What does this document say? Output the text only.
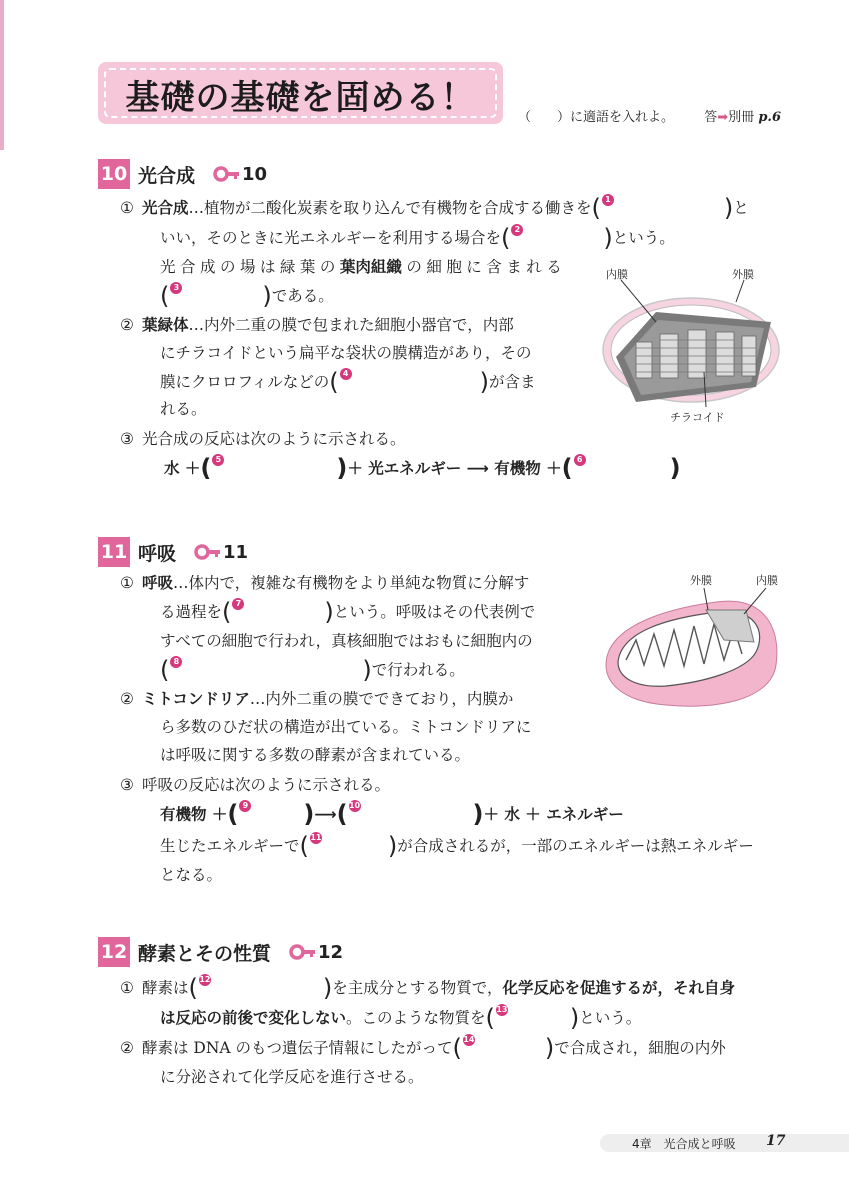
基礎の基礎を固める！	（　　）に適語を入れよ。 答➡別冊 p.6
10 光合成	10
① 光合成…植物が二酸化炭素を取り込んで有機物を合成する働きを ( 1	) と
いい，そのときに光エネルギーを利用する場合を ( 2	) という。
光 合 成 の 場 は 緑 葉 の 葉肉組織 の 細 胞 に 含 ま れ る
( 3	) である。
② 葉緑体…内外二重の膜で包まれた細胞小器官で，内部
にチラコイドという扁平な袋状の膜構造があり，その
膜にクロロフィルなどの ( 4	) が含ま
れる。
③ 光合成の反応は次のように示される。
水 ＋ ( 5	) ＋ 光エネルギー ⟶ 有機物 ＋ ( 6	)
内膜	外膜
チラコイド
11 呼吸	11
① 呼吸…体内で，複雑な有機物をより単純な物質に分解す
る過程を ( 7	) という。呼吸はその代表例で
すべての細胞で行われ，真核細胞ではおもに細胞内の
( 8	) で行われる。
② ミトコンドリア…内外二重の膜でできており，内膜か
ら多数のひだ状の構造が出ている。ミトコンドリアに
は呼吸に関する多数の酵素が含まれている。
③ 呼吸の反応は次のように示される。
有機物 ＋ ( 9 ) ⟶ ( 10	) ＋ 水 ＋ エネルギー
生じたエネルギーで ( 11	) が合成されるが，一部のエネルギーは熱エネルギー
となる。
外膜	内膜
12 酵素とその性質	12
① 酵素は ( 12	) を主成分とする物質で，化学反応を促進するが，それ自身
は反応の前後で変化しない。このような物質を ( 13	) という。
② 酵素は DNA のもつ遺伝子情報にしたがって ( 14	) で合成され，細胞の内外
に分泌されて化学反応を進行させる。
4章　光合成と呼吸 17
